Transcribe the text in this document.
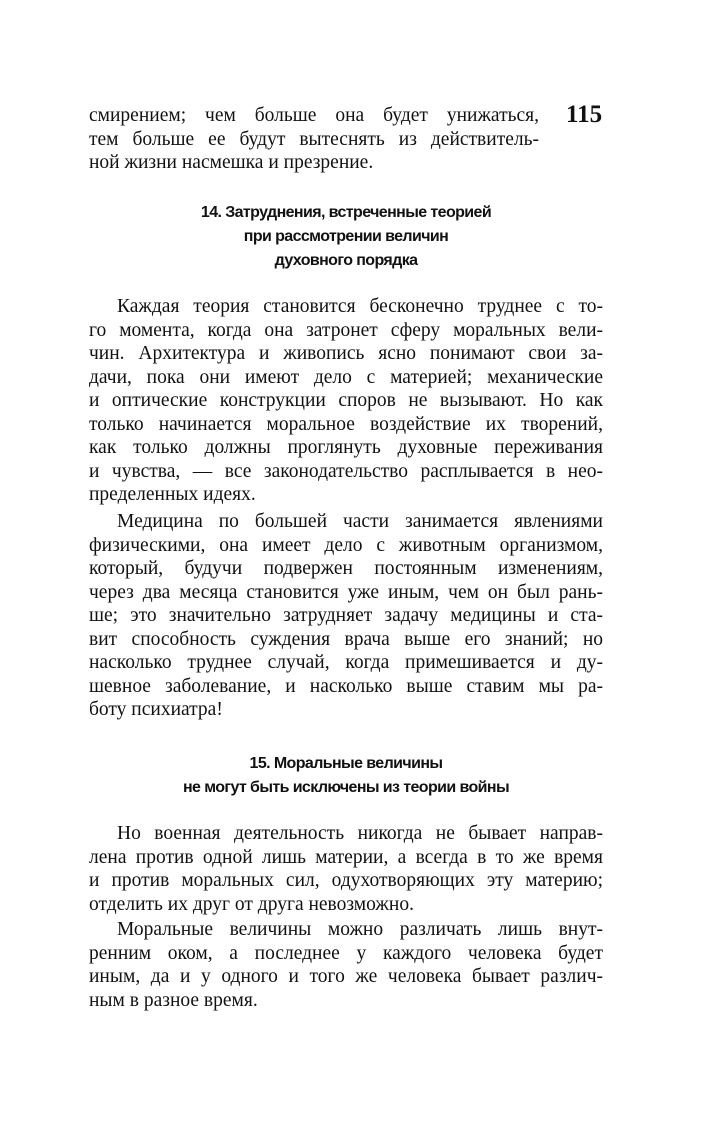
115
смирением; чем больше она будет унижаться,
тем больше ее будут вытеснять из действитель-
ной жизни насмешка и презрение.
14. Затруднения, встреченные теорией
при рассмотрении величин
духовного порядка
Каждая теория становится бесконечно труднее с то-
го момента, когда она затронет сферу моральных вели-
чин. Архитектура и живопись ясно понимают свои за-
дачи, пока они имеют дело с материей; механические
и оптические конструкции споров не вызывают. Но как
только начинается моральное воздействие их творений,
как только должны проглянуть духовные переживания
и чувства, — все законодательство расплывается в нео-
пределенных идеях.
Медицина по большей части занимается явлениями
физическими, она имеет дело с животным организмом,
который, будучи подвержен постоянным изменениям,
через два месяца становится уже иным, чем он был рань-
ше; это значительно затрудняет задачу медицины и ста-
вит способность суждения врача выше его знаний; но
насколько труднее случай, когда примешивается и ду-
шевное заболевание, и насколько выше ставим мы ра-
боту психиатра!
15. Моральные величины
не могут быть исключены из теории войны
Но военная деятельность никогда не бывает направ-
лена против одной лишь материи, а всегда в то же время
и против моральных сил, одухотворяющих эту материю;
отделить их друг от друга невозможно.
Моральные величины можно различать лишь внут-
ренним оком, а последнее у каждого человека будет
иным, да и у одного и того же человека бывает различ-
ным в разное время.
